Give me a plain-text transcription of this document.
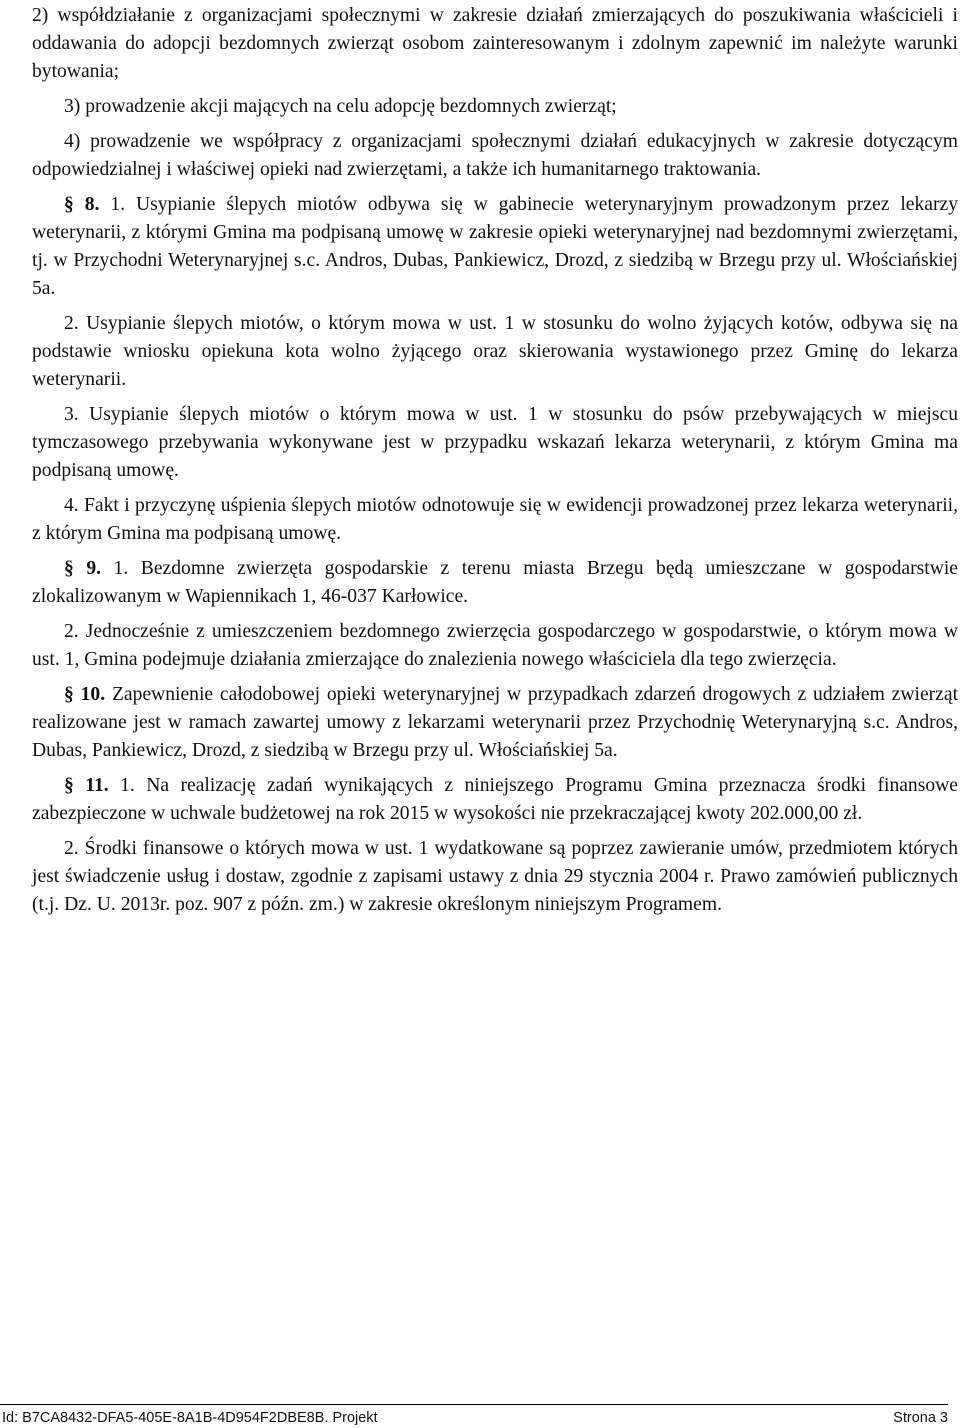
2) współdziałanie z organizacjami społecznymi w zakresie działań zmierzających do poszukiwania właścicieli i oddawania do adopcji bezdomnych zwierząt osobom zainteresowanym i zdolnym zapewnić im należyte warunki bytowania;

3) prowadzenie akcji mających na celu adopcję bezdomnych zwierząt;

4) prowadzenie we współpracy z organizacjami społecznymi działań edukacyjnych w zakresie dotyczącym odpowiedzialnej i właściwej opieki nad zwierzętami, a także ich humanitarnego traktowania.

§ 8. 1. Usypianie ślepych miotów odbywa się w gabinecie weterynaryjnym prowadzonym przez lekarzy weterynarii, z którymi Gmina ma podpisaną umowę w zakresie opieki weterynaryjnej nad bezdomnymi zwierzętami, tj. w Przychodni Weterynaryjnej s.c. Andros, Dubas, Pankiewicz, Drozd, z siedzibą w Brzegu przy ul. Włościańskiej 5a.

2. Usypianie ślepych miotów, o którym mowa w ust. 1 w stosunku do wolno żyjących kotów, odbywa się na podstawie wniosku opiekuna kota wolno żyjącego oraz skierowania wystawionego przez Gminę do lekarza weterynarii.

3. Usypianie ślepych miotów o którym mowa w ust. 1 w stosunku do psów przebywających w miejscu tymczasowego przebywania wykonywane jest w przypadku wskazań lekarza weterynarii, z którym Gmina ma podpisaną umowę.

4. Fakt i przyczynę uśpienia ślepych miotów odnotowuje się w ewidencji prowadzonej przez lekarza weterynarii, z którym Gmina ma podpisaną umowę.

§ 9. 1. Bezdomne zwierzęta gospodarskie z terenu miasta Brzegu będą umieszczane w gospodarstwie zlokalizowanym w Wapiennikach 1, 46-037 Karłowice.

2. Jednocześnie z umieszczeniem bezdomnego zwierzęcia gospodarczego w gospodarstwie, o którym mowa w ust. 1, Gmina podejmuje działania zmierzające do znalezienia nowego właściciela dla tego zwierzęcia.

§ 10. Zapewnienie całodobowej opieki weterynaryjnej w przypadkach zdarzeń drogowych z udziałem zwierząt realizowane jest w ramach zawartej umowy z lekarzami weterynarii przez Przychodnię Weterynaryjną s.c. Andros, Dubas, Pankiewicz, Drozd, z siedzibą w Brzegu przy ul. Włościańskiej 5a.

§ 11. 1. Na realizację zadań wynikających z niniejszego Programu Gmina przeznacza środki finansowe zabezpieczone w uchwale budżetowej na rok 2015 w wysokości nie przekraczającej kwoty 202.000,00 zł.

2. Środki finansowe o których mowa w ust. 1 wydatkowane są poprzez zawieranie umów, przedmiotem których jest świadczenie usług i dostaw, zgodnie z zapisami ustawy z dnia 29 stycznia 2004 r. Prawo zamówień publicznych (t.j. Dz. U. 2013r. poz. 907 z późn. zm.) w zakresie określonym niniejszym Programem.

Id: B7CA8432-DFA5-405E-8A1B-4D954F2DBE8B. Projekt	Strona 3
